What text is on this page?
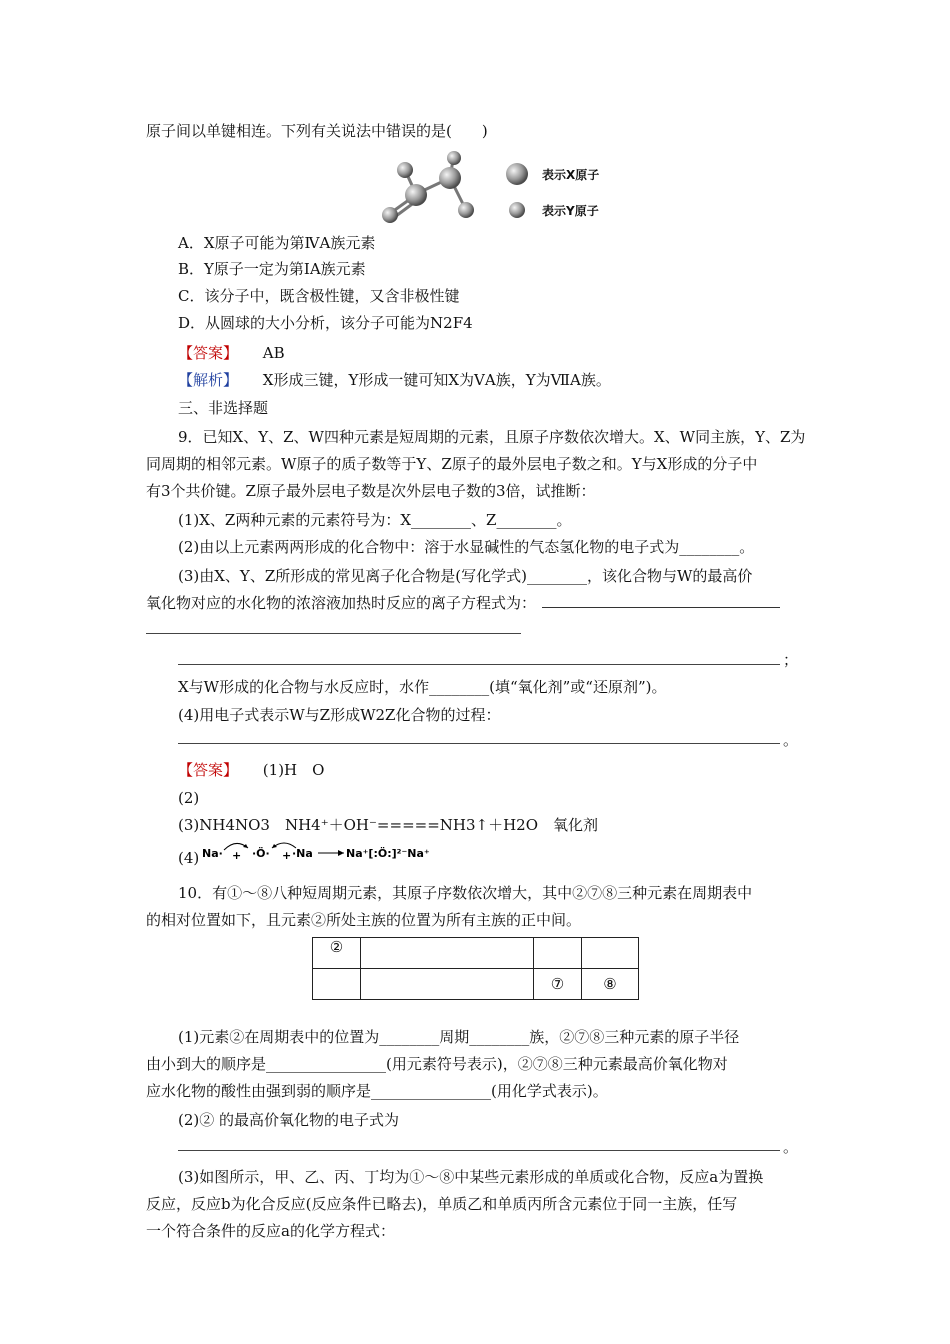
原子间以单键相连。下列有关说法中错误的是(　　)
表示X原子
表示Y原子
A．X原子可能为第ⅣA族元素
B．Y原子一定为第ⅠA族元素
C．该分子中，既含极性键，又含非极性键
D．从圆球的大小分析，该分子可能为N2F4
【答案】 AB
【解析】 X形成三键，Y形成一键可知X为ⅤA族，Y为ⅦA族。
三、非选择题
9．已知X、Y、Z、W四种元素是短周期的元素，且原子序数依次增大。X、W同主族，Y、Z为
同周期的相邻元素。W原子的质子数等于Y、Z原子的最外层电子数之和。Y与X形成的分子中
有3个共价键。Z原子最外层电子数是次外层电子数的3倍，试推断：
(1)X、Z两种元素的元素符号为：X________、Z________。
(2)由以上元素两两形成的化合物中：溶于水显碱性的气态氢化物的电子式为________。
(3)由X、Y、Z所形成的常见离子化合物是(写化学式)________，该化合物与W的最高价
氧化物对应的水化物的浓溶液加热时反应的离子方程式为：
；
X与W形成的化合物与水反应时，水作________(填“氧化剂”或“还原剂”)。
(4)用电子式表示W与Z形成W2Z化合物的过程：
。
【答案】 (1)H　O
(2)
(3)NH4NO3　NH4⁺＋OH⁻=====NH3↑＋H2O　氧化剂
(4) Na· + ·Ö· + ·Na	Na⁺[:Ö:]²⁻Na⁺
10．有①～⑧八种短周期元素，其原子序数依次增大，其中②⑦⑧三种元素在周期表中
的相对位置如下，且元素②所处主族的位置为所有主族的正中间。
②			
		⑦	⑧
(1)元素②在周期表中的位置为________周期________族，②⑦⑧三种元素的原子半径
由小到大的顺序是________________(用元素符号表示)，②⑦⑧三种元素最高价氧化物对
应水化物的酸性由强到弱的顺序是________________(用化学式表示)。
(2)② 的最高价氧化物的电子式为
。
(3)如图所示，甲、乙、丙、丁均为①～⑧中某些元素形成的单质或化合物，反应a为置换
反应，反应b为化合反应(反应条件已略去)，单质乙和单质丙所含元素位于同一主族，任写
一个符合条件的反应a的化学方程式：
